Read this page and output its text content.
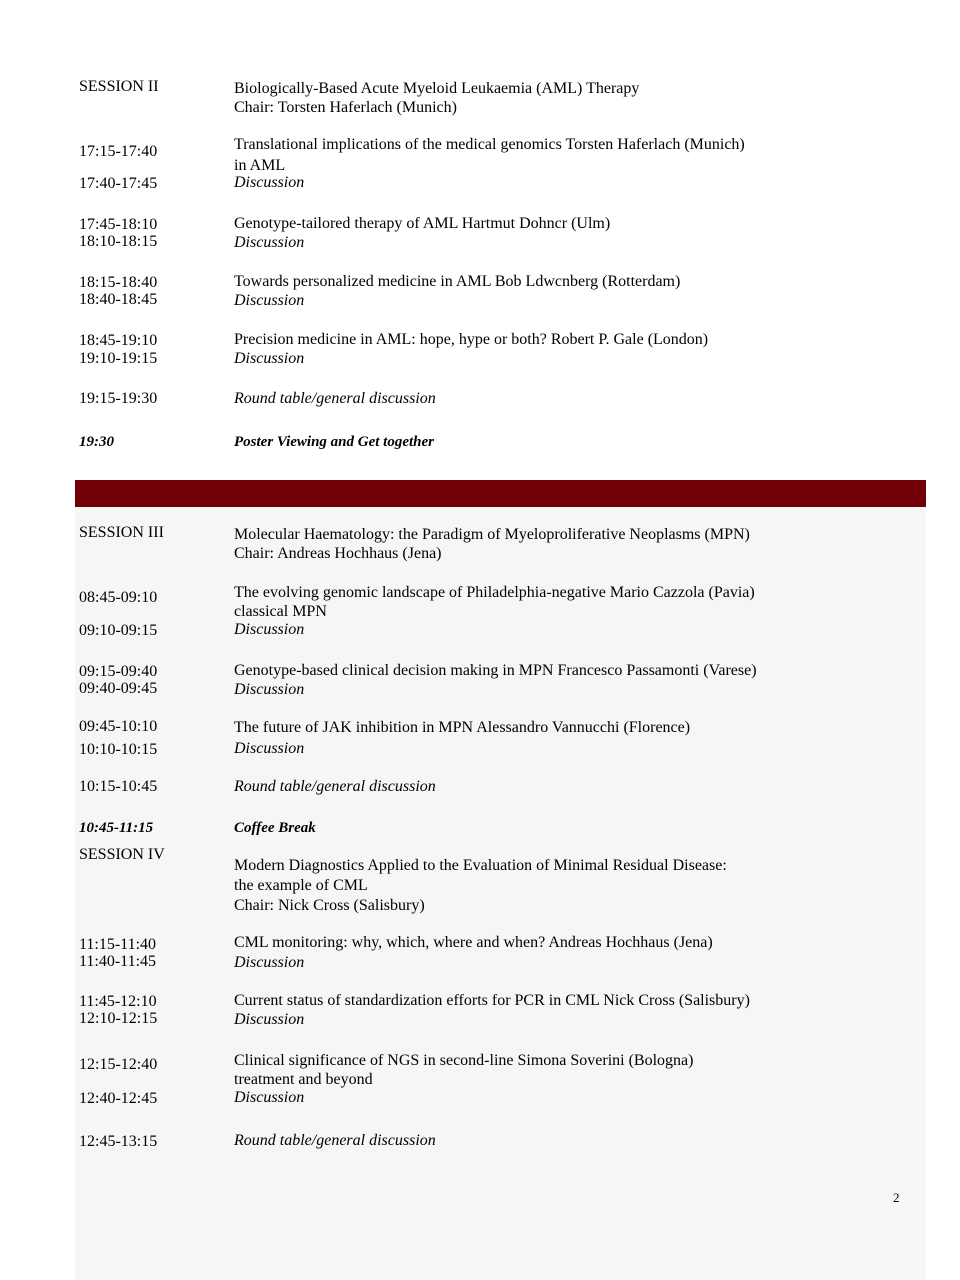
SESSION II	Biologically-Based Acute Myeloid Leukaemia (AML) Therapy

Chair: Torsten Haferlach (Munich)

17:15-17:40	Translational implications of the medical genomics Torsten Haferlach (Munich)

in AML

17:40-17:45	Discussion

17:45-18:10	Genotype-tailored therapy of AML Hartmut Dohncr (Ulm)

18:10-18:15	Discussion

18:15-18:40	Towards personalized medicine in AML Bob Ldwcnberg (Rotterdam)

18:40-18:45	Discussion

18:45-19:10	Precision medicine in AML: hope, hype or both? Robert P. Gale (London)

19:10-19:15	Discussion

19:15-19:30	Round table/general discussion

19:30	Poster Viewing and Get together

SESSION III	Molecular Haematology: the Paradigm of Myeloproliferative Neoplasms (MPN)

Chair: Andreas Hochhaus (Jena)

08:45-09:10	The evolving genomic landscape of Philadelphia-negative Mario Cazzola (Pavia)

classical MPN

09:10-09:15	Discussion

09:15-09:40	Genotype-based clinical decision making in MPN Francesco Passamonti (Varese)

09:40-09:45	Discussion

09:45-10:10	The future of JAK inhibition in MPN Alessandro Vannucchi (Florence)

10:10-10:15	Discussion

10:15-10:45	Round table/general discussion

10:45-11:15	Coffee Break

SESSION IV

Modern Diagnostics Applied to the Evaluation of Minimal Residual Disease:

the example of CML

Chair: Nick Cross (Salisbury)

11:15-11:40	CML monitoring: why, which, where and when? Andreas Hochhaus (Jena)

11:40-11:45	Discussion

11:45-12:10	Current status of standardization efforts for PCR in CML Nick Cross (Salisbury)

12:10-12:15	Discussion

12:15-12:40	Clinical significance of NGS in second-line Simona Soverini (Bologna)

treatment and beyond

12:40-12:45	Discussion

12:45-13:15	Round table/general discussion

2
